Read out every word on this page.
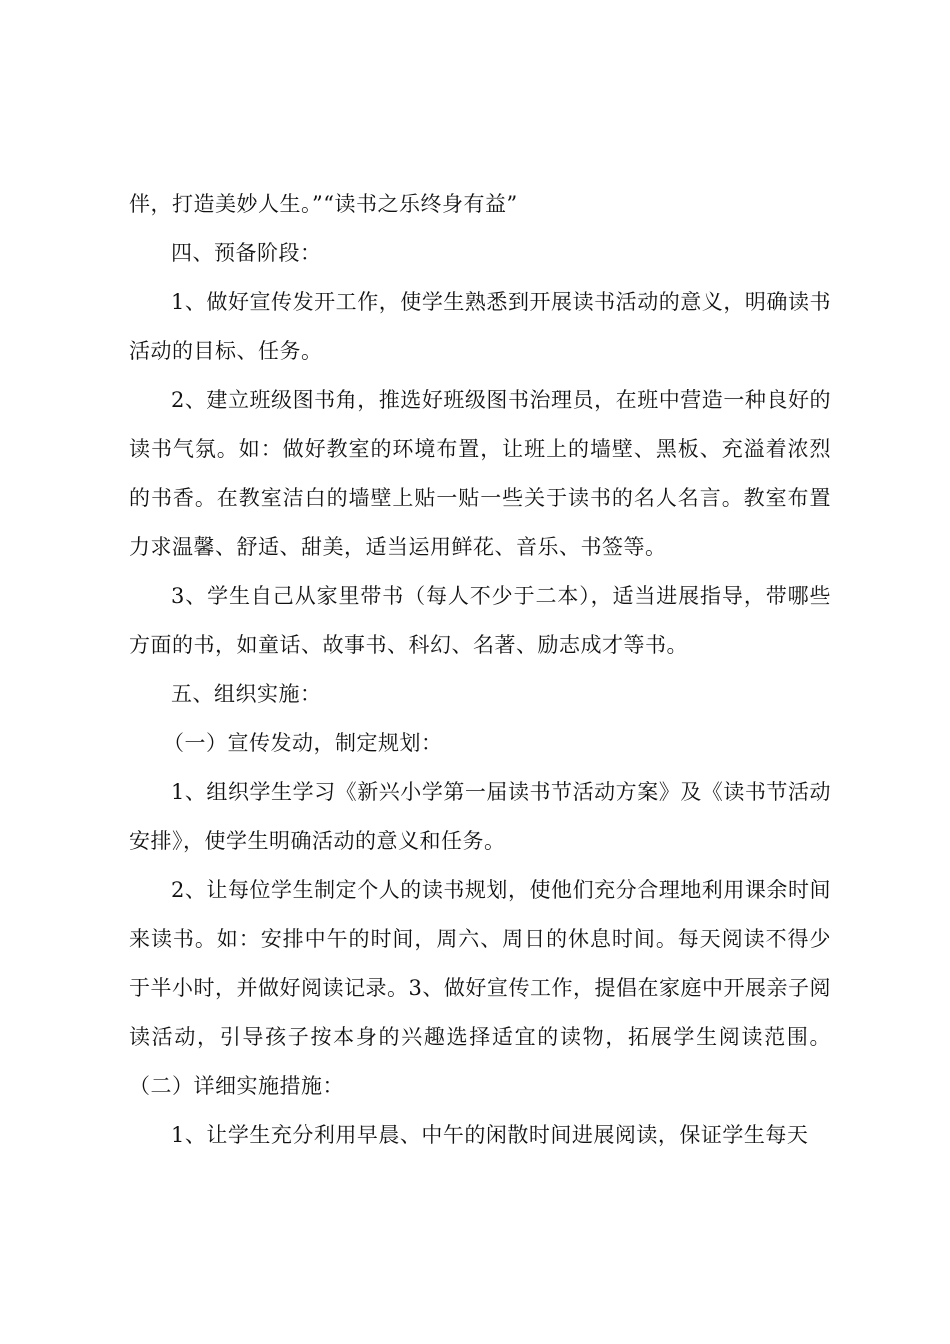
伴，打造美妙人生。”“读书之乐终身有益”

四、预备阶段：

1、做好宣传发开工作，使学生熟悉到开展读书活动的意义，明确读书活动的目标、任务。

2、建立班级图书角，推选好班级图书治理员，在班中营造一种良好的读书气氛。如：做好教室的环境布置，让班上的墙壁、黑板、充溢着浓烈的书香。在教室洁白的墙壁上贴一贴一些关于读书的名人名言。教室布置力求温馨、舒适、甜美，适当运用鲜花、音乐、书签等。

3、学生自己从家里带书（每人不少于二本），适当进展指导，带哪些方面的书，如童话、故事书、科幻、名著、励志成才等书。

五、组织实施：

（一）宣传发动，制定规划：

1、组织学生学习《新兴小学第一届读书节活动方案》及《读书节活动安排》，使学生明确活动的意义和任务。

2、让每位学生制定个人的读书规划，使他们充分合理地利用课余时间来读书。如：安排中午的时间，周六、周日的休息时间。每天阅读不得少于半小时，并做好阅读记录。3、做好宣传工作，提倡在家庭中开展亲子阅读活动，引导孩子按本身的兴趣选择适宜的读物，拓展学生阅读范围。（二）详细实施措施：

1、让学生充分利用早晨、中午的闲散时间进展阅读，保证学生每天
